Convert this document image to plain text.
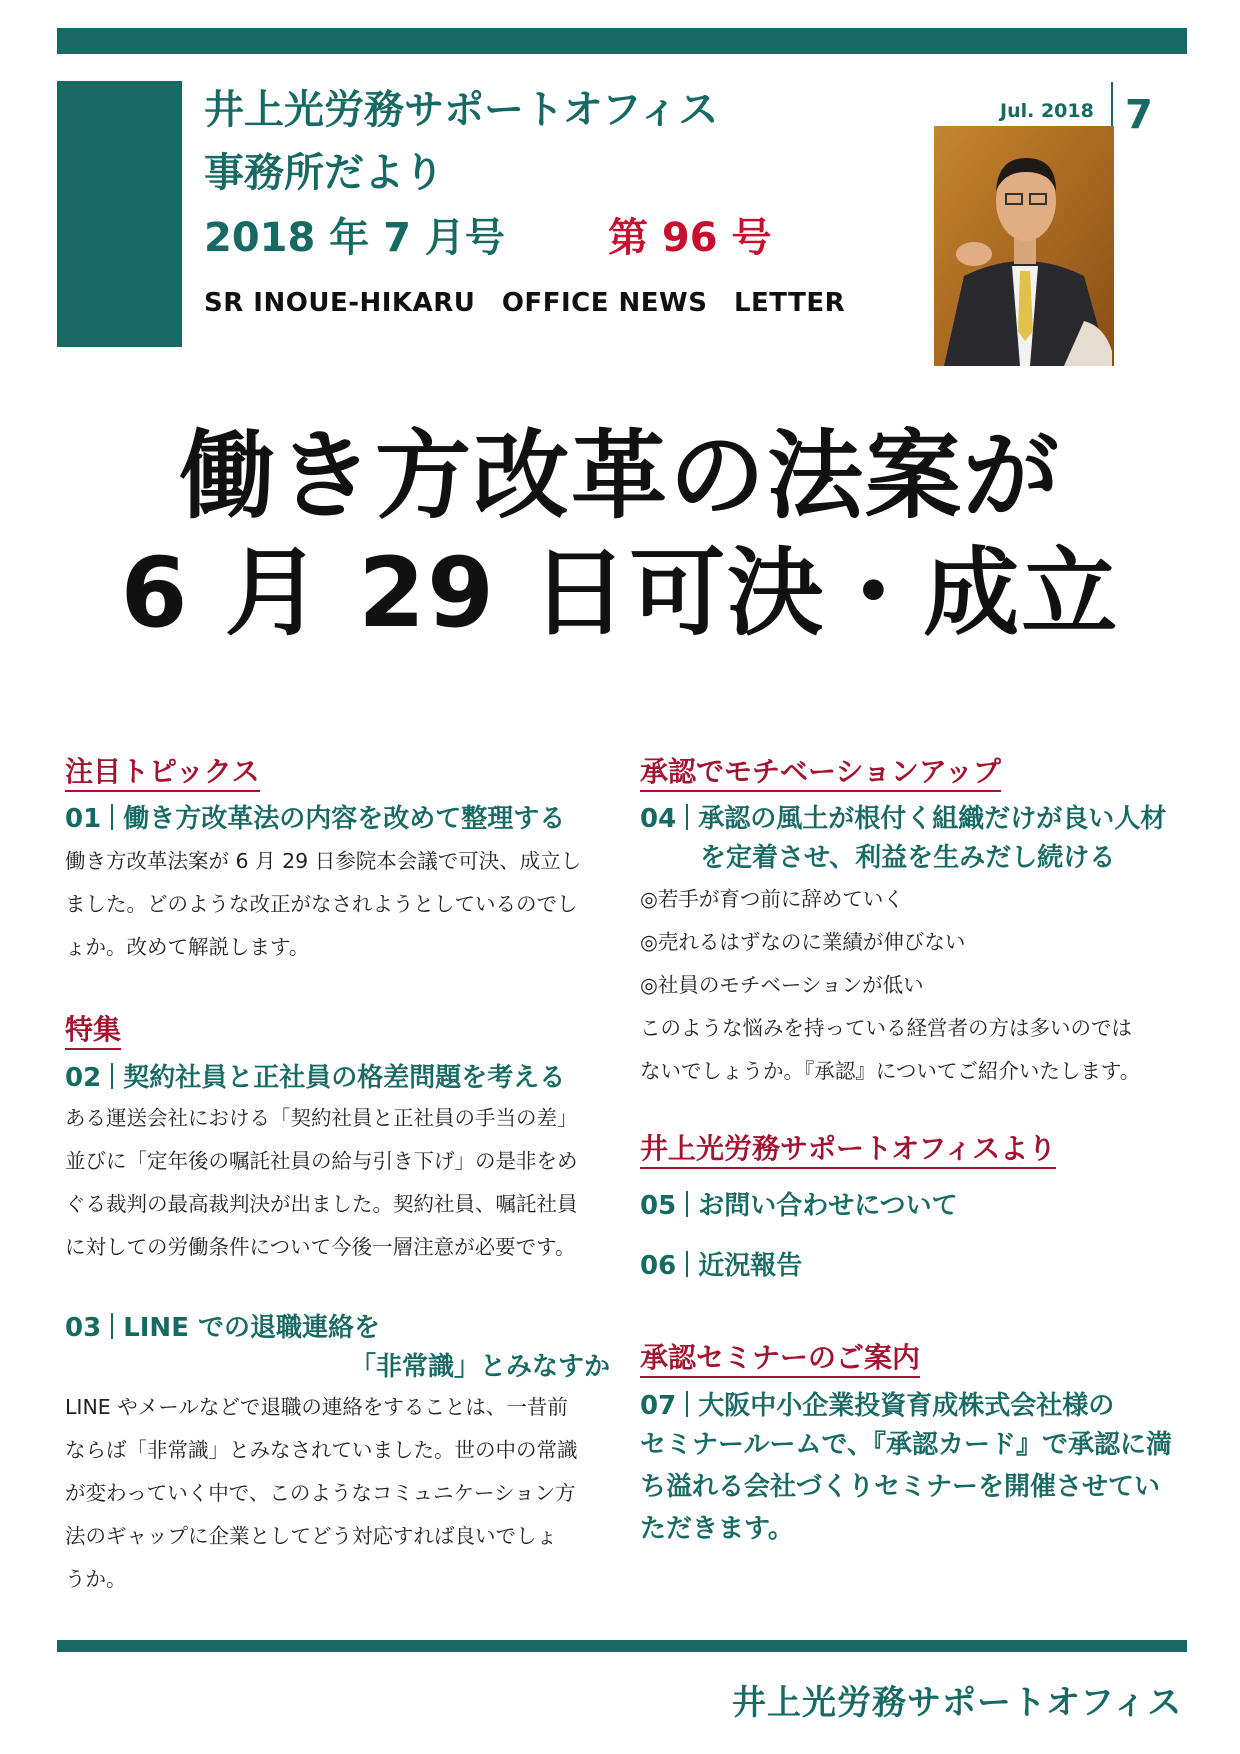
井上光労務サポートオフィス
事務所だより
2018 年 7 月号	第 96 号
SR INOUE-HIKARU　OFFICE NEWS　LETTER
Jul. 2018 7
働き方改革の法案が
6 月 29 日可決・成立
注目トピックス
01 働き方改革法の内容を改めて整理する
働き方改革法案が 6 月 29 日参院本会議で可決、成立し
ました。どのような改正がなされようとしているのでし
ょか。改めて解説します。
特集
02 契約社員と正社員の格差問題を考える
ある運送会社における「契約社員と正社員の手当の差」
並びに「定年後の嘱託社員の給与引き下げ」の是非をめ
ぐる裁判の最高裁判決が出ました。契約社員、嘱託社員
に対しての労働条件について今後一層注意が必要です。
03 LINE での退職連絡を
「非常識」とみなすか
LINE やメールなどで退職の連絡をすることは、一昔前
ならば「非常識」とみなされていました。世の中の常識
が変わっていく中で、このようなコミュニケーション方
法のギャップに企業としてどう対応すれば良いでしょ
うか。
承認でモチベーションアップ
04 承認の風土が根付く組織だけが良い人材
を定着させ、利益を生みだし続ける
◎若手が育つ前に辞めていく
◎売れるはずなのに業績が伸びない
◎社員のモチベーションが低い
このような悩みを持っている経営者の方は多いのでは
ないでしょうか。『承認』についてご紹介いたします。
井上光労務サポートオフィスより
05 お問い合わせについて
06 近況報告
承認セミナーのご案内
07 大阪中小企業投資育成株式会社様の
セミナールームで、『承認カード』で承認に満
ち溢れる会社づくりセミナーを開催させてい
ただきます。
井上光労務サポートオフィス
